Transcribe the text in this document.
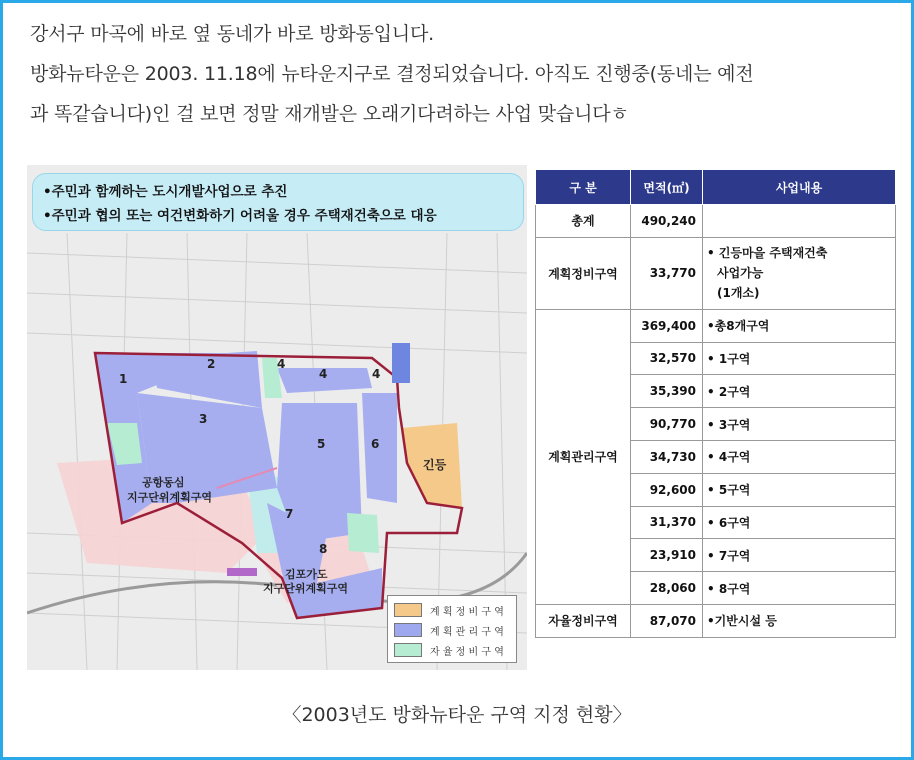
강서구 마곡에 바로 옆 동네가 바로 방화동입니다.
방화뉴타운은 2003. 11.18에 뉴타운지구로 결정되었습니다. 아직도 진행중(동네는 예전
과 똑같습니다)인 걸 보면 정말 재개발은 오래기다려하는 사업 맞습니다ㅎ
•주민과 함께하는 도시개발사업으로 추진
•주민과 협의 또는 여건변화하기 어려울 경우 주택재건축으로 대응
1
2
3
4
4	4
5	6
7
8
긴등
공항동심
지구단위계획구역
김포가도
지구단위계획구역
계 획 정 비 구 역
계 획 관 리 구 역
자 율 정 비 구 역
구 분	면적(㎡)	사업내용
총계	490,240	
계획정비구역	33,770	• 긴등마을 주택재건축
사업가능
(1개소)

계획관리구역	369,400	•총8개구역
	32,570	• 1구역
	35,390	• 2구역
	90,770	• 3구역
	34,730	• 4구역
	92,600	• 5구역
	31,370	• 6구역
	23,910	• 7구역
	28,060	• 8구역
자율정비구역	87,070	•기반시설 등
〈2003년도 방화뉴타운 구역 지정 현황〉
